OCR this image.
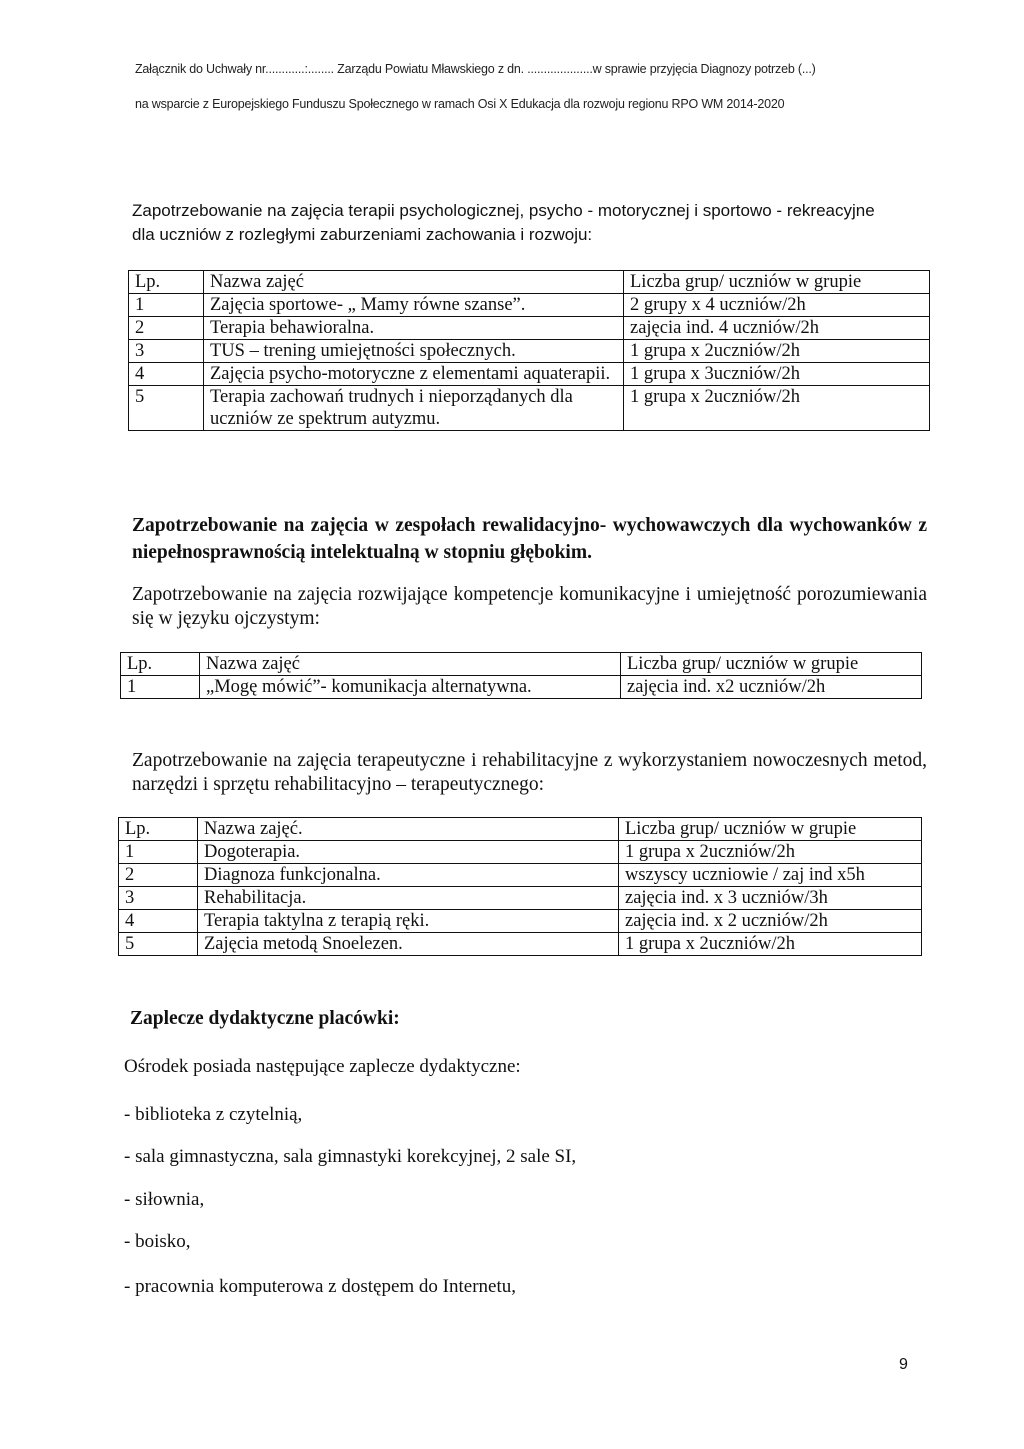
Załącznik do Uchwały nr............:........ Zarządu Powiatu Mławskiego z dn. ....................w sprawie przyjęcia Diagnozy potrzeb (...)
na wsparcie z Europejskiego Funduszu Społecznego w ramach Osi X Edukacja dla rozwoju regionu RPO WM 2014-2020
Zapotrzebowanie na zajęcia terapii psychologicznej, psycho - motorycznej i sportowo - rekreacyjne
dla uczniów z rozległymi zaburzeniami zachowania i rozwoju:
Lp.	Nazwa zajęć	Liczba grup/ uczniów w grupie
1	Zajęcia sportowe- „ Mamy równe szanse”.	2 grupy x 4 uczniów/2h
2	Terapia behawioralna.	zajęcia ind. 4 uczniów/2h
3	TUS – trening umiejętności społecznych.	1 grupa x 2uczniów/2h
4	Zajęcia psycho-motoryczne z elementami aquaterapii.	1 grupa x 3uczniów/2h
5	Terapia zachowań trudnych i nieporządanych dla uczniów ze spektrum autyzmu.	1 grupa x 2uczniów/2h
Zapotrzebowanie na zajęcia w zespołach rewalidacyjno- wychowawczych dla wychowanków z niepełnosprawnością intelektualną w stopniu głębokim.
Zapotrzebowanie na zajęcia rozwijające kompetencje komunikacyjne i umiejętność porozumiewania się w języku ojczystym:
Lp.	Nazwa zajęć	Liczba grup/ uczniów w grupie
1	„Mogę mówić”- komunikacja alternatywna.	zajęcia ind. x2 uczniów/2h
Zapotrzebowanie na zajęcia terapeutyczne i rehabilitacyjne z wykorzystaniem nowoczesnych metod, narzędzi i sprzętu rehabilitacyjno – terapeutycznego:
Lp.	Nazwa zajęć.	Liczba grup/ uczniów w grupie
1	Dogoterapia.	1 grupa x 2uczniów/2h
2	Diagnoza funkcjonalna.	wszyscy uczniowie / zaj ind x5h
3	Rehabilitacja.	zajęcia ind. x 3 uczniów/3h
4	Terapia taktylna z terapią ręki.	zajęcia ind. x 2 uczniów/2h
5	Zajęcia metodą Snoelezen.	1 grupa x 2uczniów/2h
Zaplecze dydaktyczne placówki:
Ośrodek posiada następujące zaplecze dydaktyczne:
- biblioteka z czytelnią,
- sala gimnastyczna, sala gimnastyki korekcyjnej, 2 sale SI,
- siłownia,
- boisko,
- pracownia komputerowa z dostępem do Internetu,
9
